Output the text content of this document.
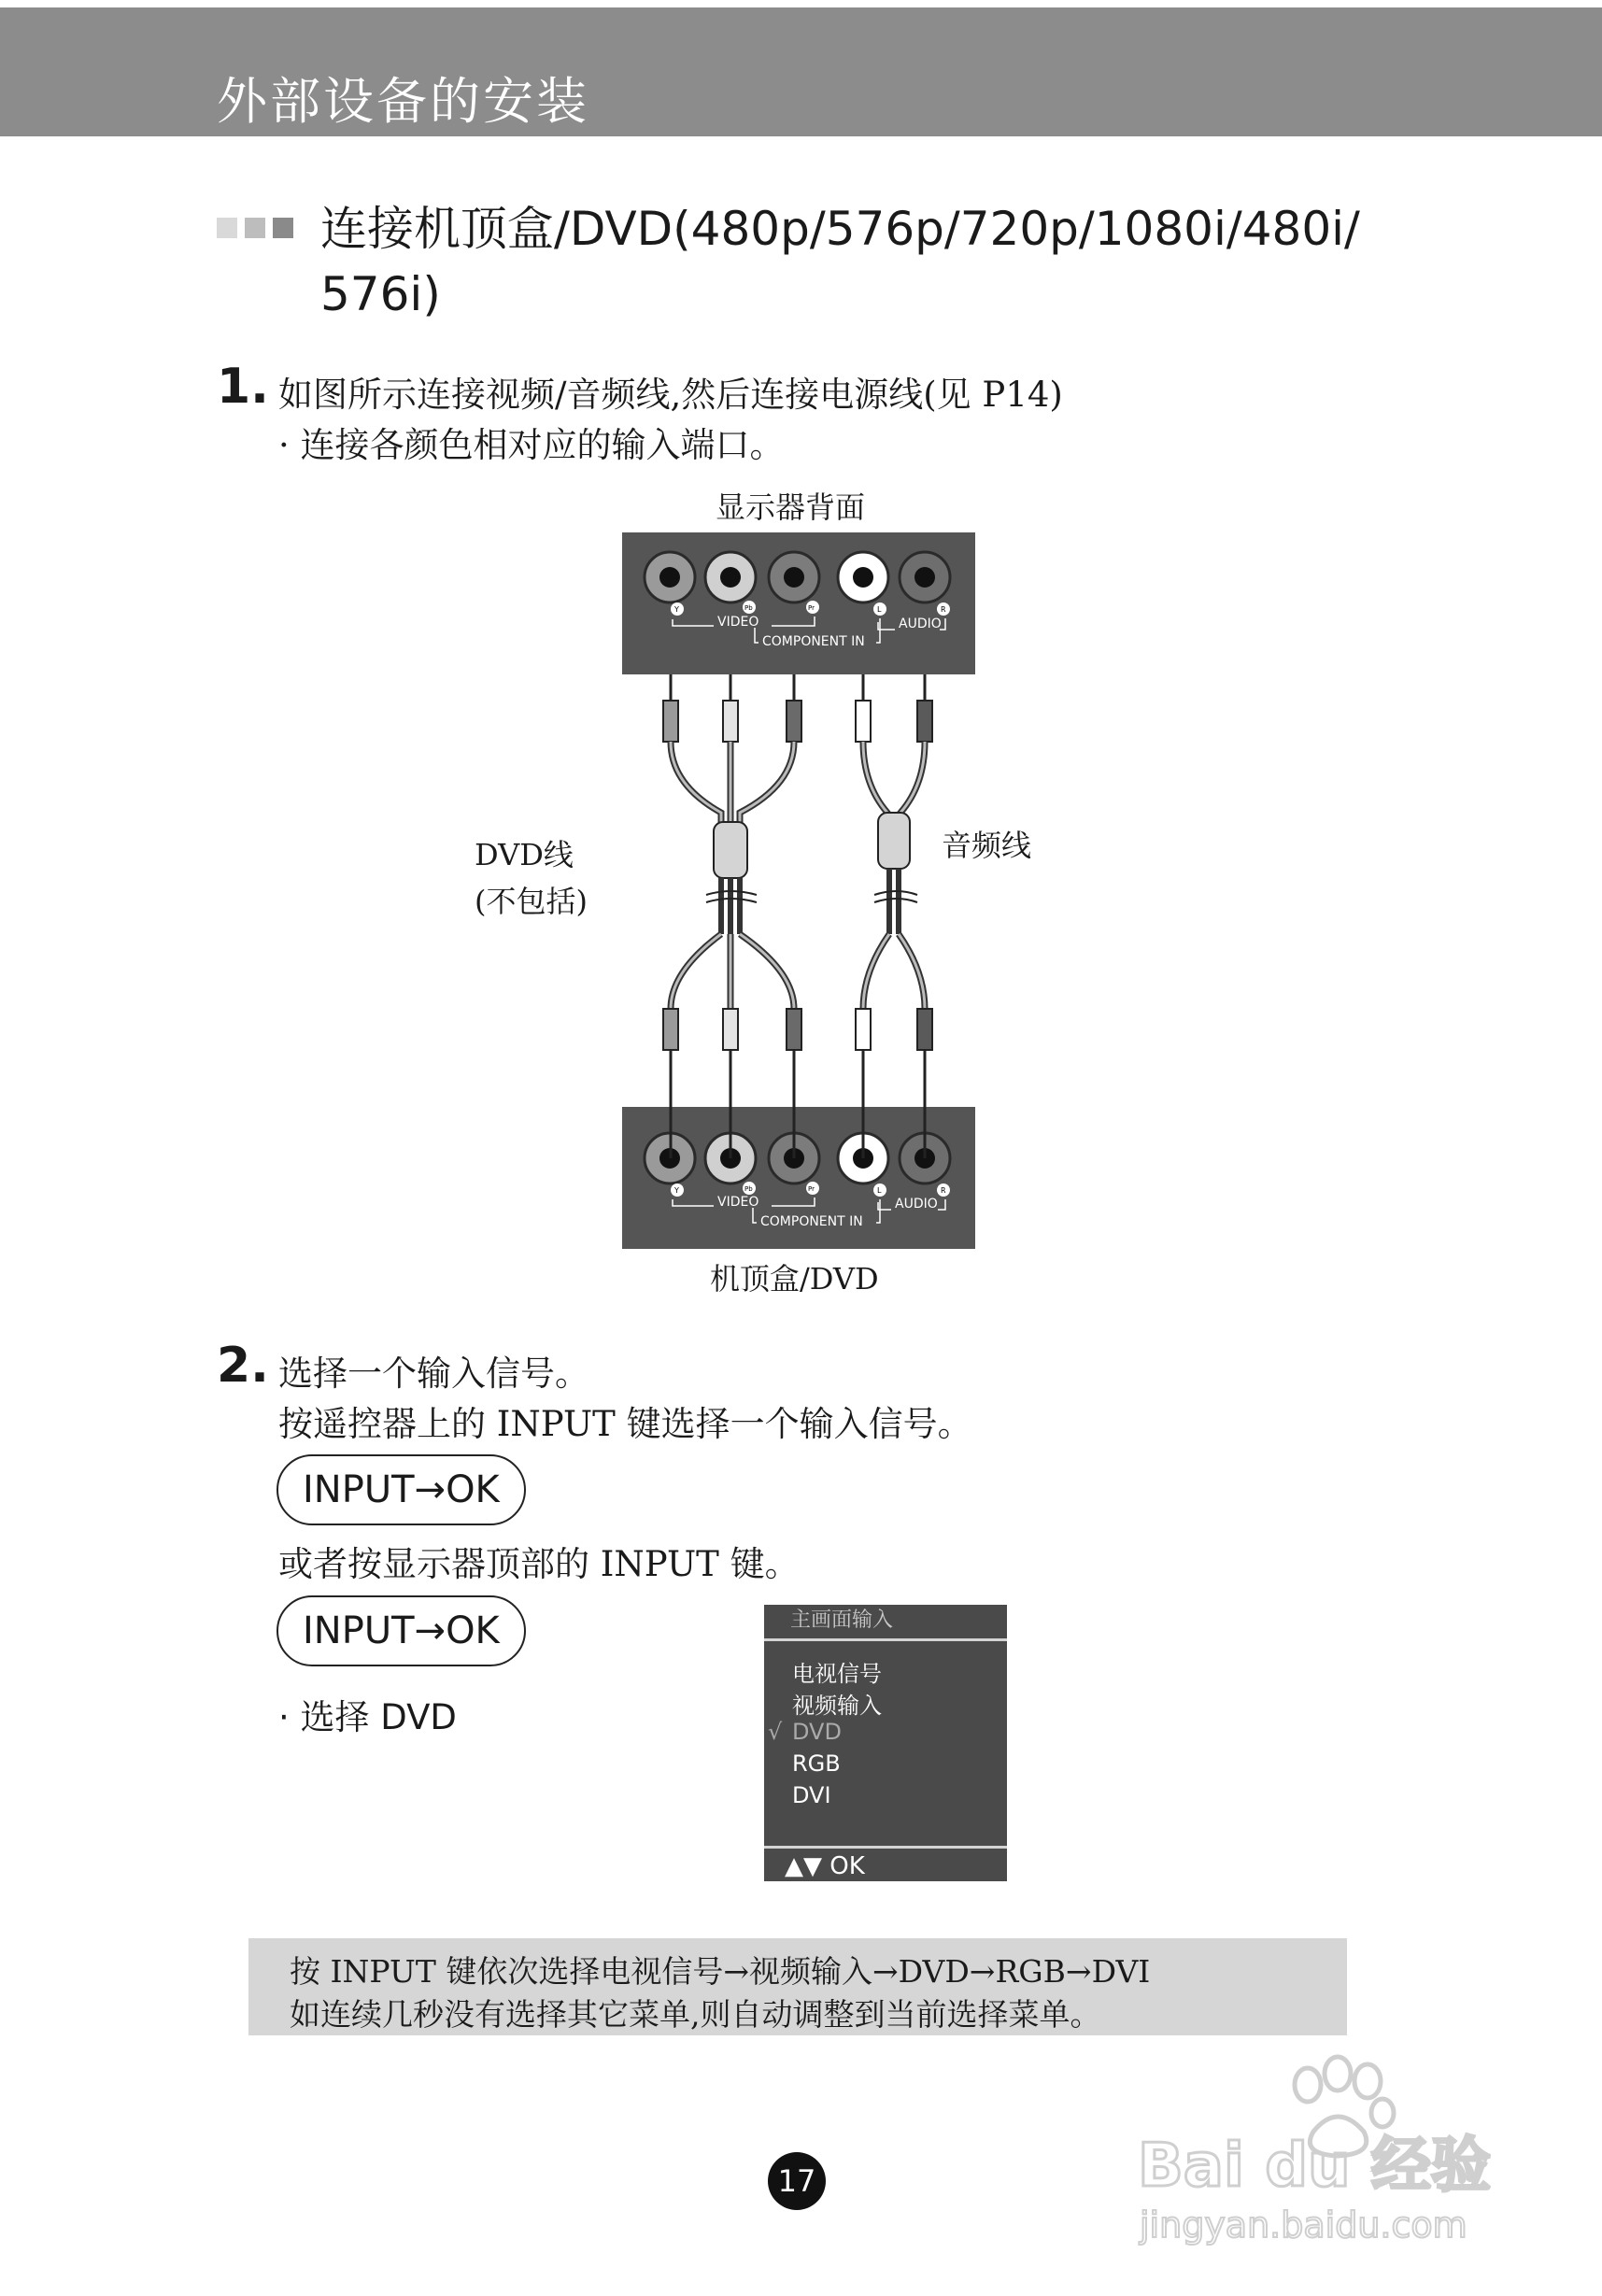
外部设备的安装
连接机顶盒/DVD(480p/576p/720p/1080i/480i/
576i)
1. 如图所示连接视频/音频线,然后连接电源线(见 P14)
· 连接各颜色相对应的输入端口。
显示器背面
DVD线
(不包括)
音频线
机顶盒/DVD
Y	Pb	Pr	L	R
VIDEO	AUDIO
COMPONENT IN
Y	Pb	Pr	L	R
VIDEO	AUDIO
COMPONENT IN
2. 选择一个输入信号。
按遥控器上的 INPUT 键选择一个输入信号。
INPUT→OK
或者按显示器顶部的 INPUT 键。
INPUT→OK
· 选择 DVD
主画面输入
电视信号
视频输入
√ DVD
RGB
DVI
▲▼ OK
按 INPUT 键依次选择电视信号→视频输入→DVD→RGB→DVI
如连续几秒没有选择其它菜单,则自动调整到当前选择菜单。
17	Bai du 经验
jingyan.baidu.com
